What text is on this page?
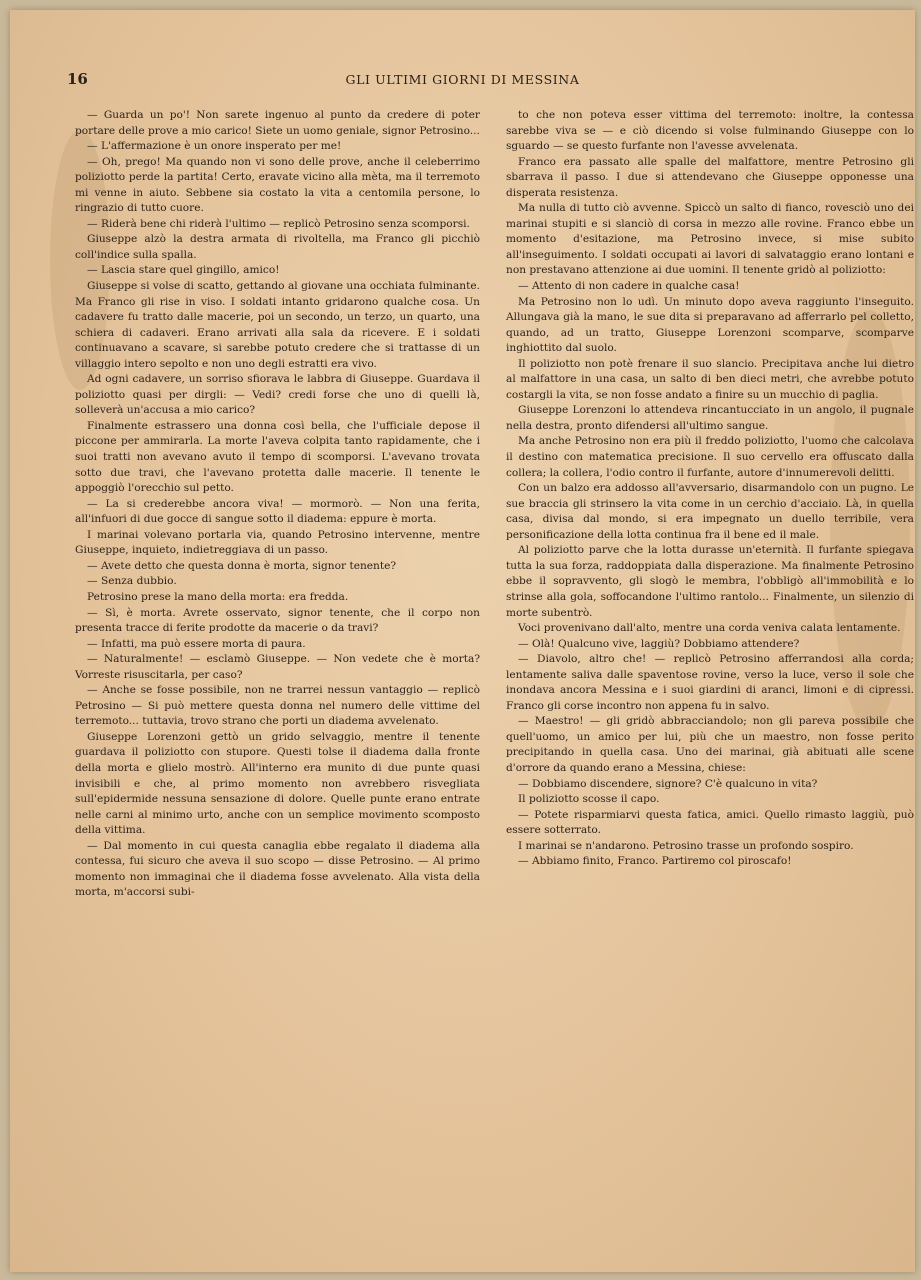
16	GLI ULTIMI GIORNI DI MESSINA

— Guarda un po'! Non sarete ingenuo al punto da credere di poter portare delle prove a mio carico! Siete un uomo geniale, signor Petrosino...

— L'affermazione è un onore insperato per me!

— Oh, prego! Ma quando non vi sono delle prove, anche il celeberrimo poliziotto perde la partita! Certo, eravate vicino alla mèta, ma il terremoto mi venne in aiuto. Sebbene sia costato la vita a centomila persone, lo ringrazio di tutto cuore.

— Riderà bene chi riderà l'ultimo — replicò Petrosino senza scomporsi.

Giuseppe alzò la destra armata di rivoltella, ma Franco gli picchiò coll'indice sulla spalla.

— Lascia stare quel gingillo, amico!

Giuseppe si volse di scatto, gettando al giovane una occhiata fulminante. Ma Franco gli rise in viso. I soldati intanto gridarono qualche cosa. Un cadavere fu tratto dalle macerie, poi un secondo, un terzo, un quarto, una schiera di cadaveri. Erano arrivati alla sala da ricevere. E i soldati continuavano a scavare, si sarebbe potuto credere che si trattasse di un villaggio intero sepolto e non uno degli estratti era vivo.

Ad ogni cadavere, un sorriso sfiorava le labbra di Giuseppe. Guardava il poliziotto quasi per dirgli: — Vedi? credi forse che uno di quelli là, solleverà un'accusa a mio carico?

Finalmente estrassero una donna così bella, che l'ufficiale depose il piccone per ammirarla. La morte l'aveva colpita tanto rapidamente, che i suoi tratti non avevano avuto il tempo di scomporsi. L'avevano trovata sotto due travi, che l'avevano protetta dalle macerie. Il tenente le appoggiò l'orecchio sul petto.

— La si crederebbe ancora viva! — mormorò. — Non una ferita, all'infuori di due gocce di sangue sotto il diadema: eppure è morta.

I marinai volevano portarla via, quando Petrosino intervenne, mentre Giuseppe, inquieto, indietreggiava di un passo.

— Avete detto che questa donna è morta, signor tenente?

— Senza dubbio.

Petrosino prese la mano della morta: era fredda.

— Sì, è morta. Avrete osservato, signor tenente, che il corpo non presenta tracce di ferite prodotte da macerie o da travi?

— Infatti, ma può essere morta di paura.

— Naturalmente! — esclamò Giuseppe. — Non vedete che è morta? Vorreste risuscitarla, per caso?

— Anche se fosse possibile, non ne trarrei nessun vantaggio — replicò Petrosino — Si può mettere questa donna nel numero delle vittime del terremoto... tuttavia, trovo strano che porti un diadema avvelenato.

Giuseppe Lorenzoni gettò un grido selvaggio, mentre il tenente guardava il poliziotto con stupore. Questi tolse il diadema dalla fronte della morta e glielo mostrò. All'interno era munito di due punte quasi invisibili e che, al primo momento non avrebbero risvegliata sull'epidermide nessuna sensazione di dolore. Quelle punte erano entrate nelle carni al minimo urto, anche con un semplice movimento scomposto della vittima.

— Dal momento in cui questa canaglia ebbe regalato il diadema alla contessa, fui sicuro che aveva il suo scopo — disse Petrosino. — Al primo momento non immaginai che il diadema fosse avvelenato. Alla vista della morta, m'accorsi subi-

to che non poteva esser vittima del terremoto: inoltre, la contessa sarebbe viva se — e ciò dicendo si volse fulminando Giuseppe con lo sguardo — se questo furfante non l'avesse avvelenata.

Franco era passato alle spalle del malfattore, mentre Petrosino gli sbarrava il passo. I due si attendevano che Giuseppe opponesse una disperata resistenza.

Ma nulla di tutto ciò avvenne. Spiccò un salto di fianco, rovesciò uno dei marinai stupiti e si slanciò di corsa in mezzo alle rovine. Franco ebbe un momento d'esitazione, ma Petrosino invece, si mise subito all'inseguimento. I soldati occupati ai lavori di salvataggio erano lontani e non prestavano attenzione ai due uomini. Il tenente gridò al poliziotto:

— Attento di non cadere in qualche casa!

Ma Petrosino non lo udì. Un minuto dopo aveva raggiunto l'inseguito. Allungava già la mano, le sue dita si preparavano ad afferrarlo pel colletto, quando, ad un tratto, Giuseppe Lorenzoni scomparve, scomparve inghiottito dal suolo.

Il poliziotto non potè frenare il suo slancio. Precipitava anche lui dietro al malfattore in una casa, un salto di ben dieci metri, che avrebbe potuto costargli la vita, se non fosse andato a finire su un mucchio di paglia.

Giuseppe Lorenzoni lo attendeva rincantucciato in un angolo, il pugnale nella destra, pronto difendersi all'ultimo sangue.

Ma anche Petrosino non era più il freddo poliziotto, l'uomo che calcolava il destino con matematica precisione. Il suo cervello era offuscato dalla collera; la collera, l'odio contro il furfante, autore d'innumerevoli delitti.

Con un balzo era addosso all'avversario, disarmandolo con un pugno. Le sue braccia gli strinsero la vita come in un cerchio d'acciaio. Là, in quella casa, divisa dal mondo, si era impegnato un duello terribile, vera personificazione della lotta continua fra il bene ed il male.

Al poliziotto parve che la lotta durasse un'eternità. Il furfante spiegava tutta la sua forza, raddoppiata dalla disperazione. Ma finalmente Petrosino ebbe il sopravvento, gli slogò le membra, l'obbligò all'immobilità e lo strinse alla gola, soffocandone l'ultimo rantolo... Finalmente, un silenzio di morte subentrò.

Voci provenivano dall'alto, mentre una corda veniva calata lentamente.

— Olà! Qualcuno vive, laggiù? Dobbiamo attendere?

— Diavolo, altro che! — replicò Petrosino afferrandosi alla corda; lentamente saliva dalle spaventose rovine, verso la luce, verso il sole che inondava ancora Messina e i suoi giardini di aranci, limoni e di cipressi. Franco gli corse incontro non appena fu in salvo.

— Maestro! — gli gridò abbracciandolo; non gli pareva possibile che quell'uomo, un amico per lui, più che un maestro, non fosse perito precipitando in quella casa. Uno dei marinai, già abituati alle scene d'orrore da quando erano a Messina, chiese:

— Dobbiamo discendere, signore? C'è qualcuno in vita?

Il poliziotto scosse il capo.

— Potete risparmiarvi questa fatica, amici. Quello rimasto laggiù, può essere sotterrato.

I marinai se n'andarono. Petrosino trasse un profondo sospiro.

— Abbiamo finito, Franco. Partiremo col piroscafo!
